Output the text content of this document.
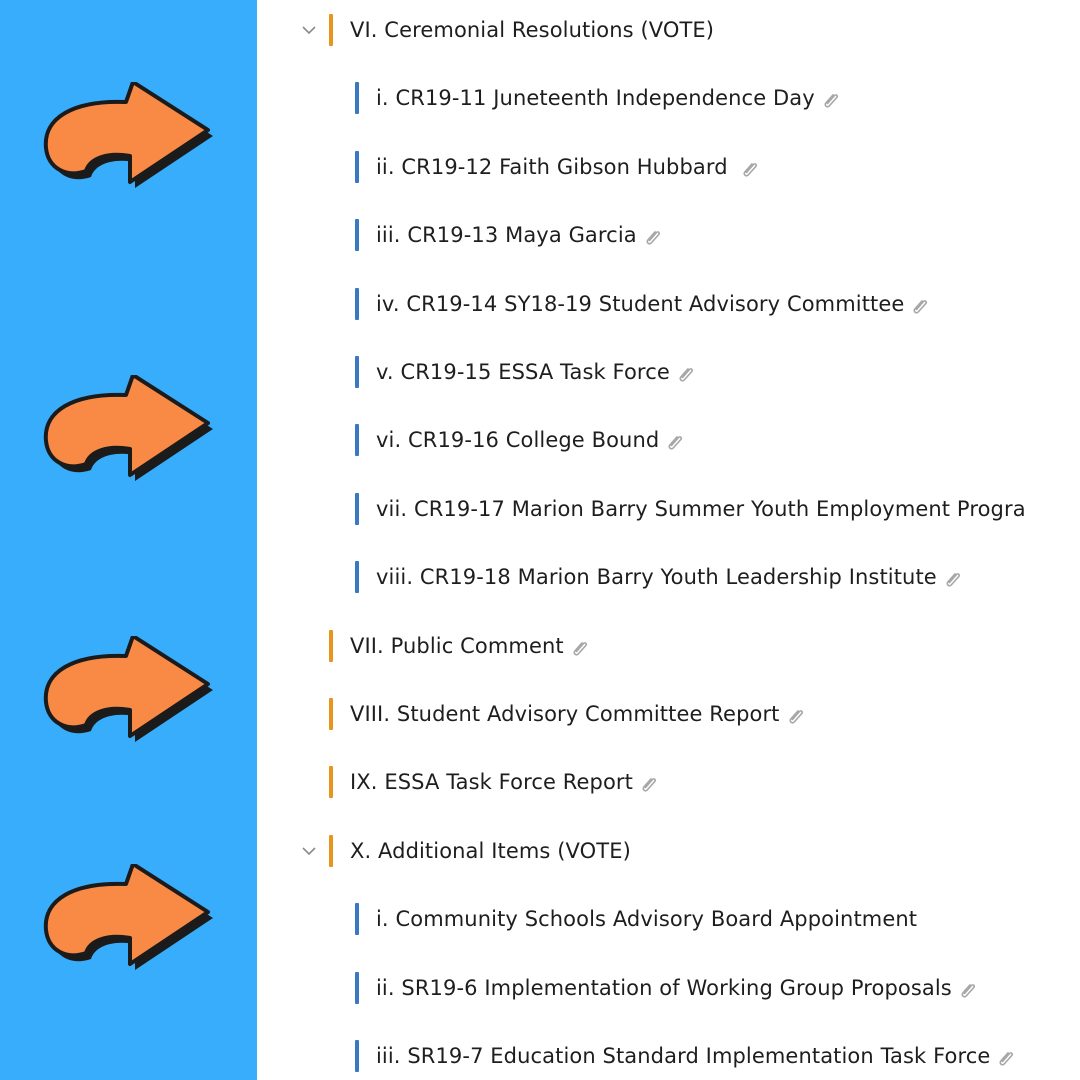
VI. Ceremonial Resolutions (VOTE)
i. CR19-11 Juneteenth Independence Day
ii. CR19-12 Faith Gibson Hubbard
iii. CR19-13 Maya Garcia
iv. CR19-14 SY18-19 Student Advisory Committee
v. CR19-15 ESSA Task Force
vi. CR19-16 College Bound
vii. CR19-17 Marion Barry Summer Youth Employment Progra
viii. CR19-18 Marion Barry Youth Leadership Institute
VII. Public Comment
VIII. Student Advisory Committee Report
IX. ESSA Task Force Report
X. Additional Items (VOTE)
i. Community Schools Advisory Board Appointment
ii. SR19-6 Implementation of Working Group Proposals
iii. SR19-7 Education Standard Implementation Task Force
